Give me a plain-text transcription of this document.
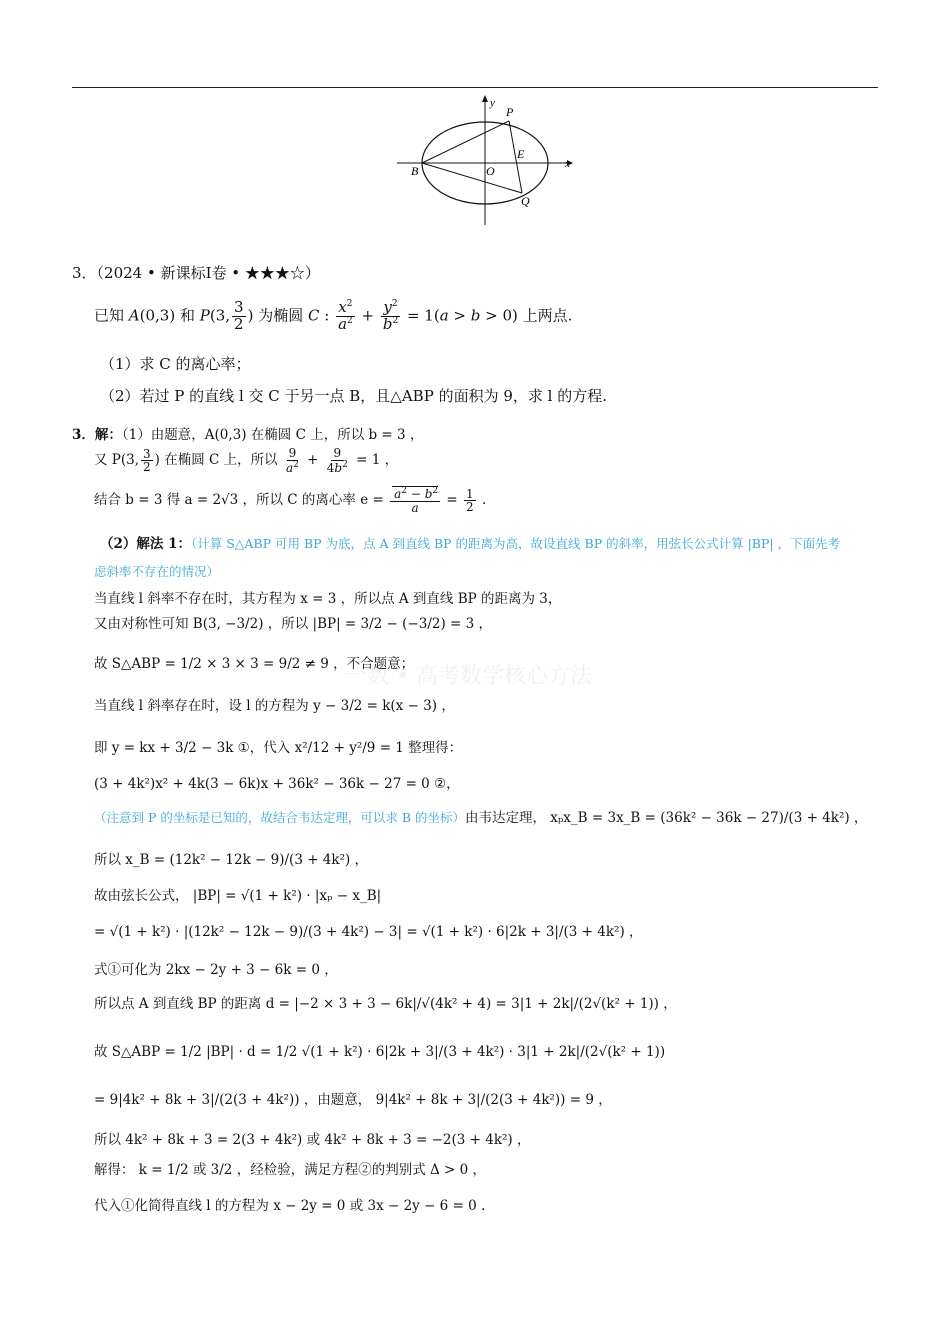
y
x
P
E
B	O
Q
3．（2024 • 新课标Ⅰ卷 • ★★★☆）
已知 A(0,3) 和 P(3, $\frac{3}{2}$ ) 为椭圆 C : $\frac{x^2}{a^2} + \frac{y^2}{b^2} = 1(a > b > 0)$ 上两点.
（1）求 C 的离心率；
（2）若过 P 的直线 l 交 C 于另一点 B，且△ABP 的面积为 9，求 l 的方程.
3．解：（1）由题意，A(0,3) 在椭圆 C 上，所以 b = 3 ，
又 P(3, $\frac{3}{2}$ ) 在椭圆 C 上，所以 $\frac{9}{a^2} + \frac{9}{4b^2} = 1$ ，
结合 b = 3 得 a = 2√3 ，所以 C 的离心率 $e = \frac{a^2 - b^2}{a} = \frac{1}{2}$ .
（2）解法 1：（计算 S△ABP 可用 BP 为底，点 A 到直线 BP 的距离为高，故设直线 BP 的斜率，用弦长公式计算 |BP| ，下面先考
虑斜率不存在的情况）
当直线 l 斜率不存在时，其方程为 x = 3 ，所以点 A 到直线 BP 的距离为 3，
又由对称性可知 B(3, −3/2) ，所以 |BP| = 3/2 − (−3/2) = 3 ，
故 S△ABP = 1/2 × 3 × 3 = 9/2 ≠ 9 ，不合题意；
一数 • 高考数学核心方法
当直线 l 斜率存在时，设 l 的方程为 y − 3/2 = k(x − 3) ，
即 y = kx + 3/2 − 3k ①，代入 x²/12 + y²/9 = 1 整理得：
(3 + 4k²)x² + 4k(3 − 6k)x + 36k² − 36k − 27 = 0 ②，
（注意到 P 的坐标是已知的，故结合韦达定理，可以求 B 的坐标）由韦达定理， xₚx_B = 3x_B = (36k² − 36k − 27)/(3 + 4k²) ，
所以 x_B = (12k² − 12k − 9)/(3 + 4k²) ，
故由弦长公式， |BP| = √(1 + k²) · |xₚ − x_B|
= √(1 + k²) · |(12k² − 12k − 9)/(3 + 4k²) − 3| = √(1 + k²) · 6|2k + 3|/(3 + 4k²) ，
式①可化为 2kx − 2y + 3 − 6k = 0 ，
所以点 A 到直线 BP 的距离 d = |−2 × 3 + 3 − 6k|/√(4k² + 4) = 3|1 + 2k|/(2√(k² + 1)) ，
故 S△ABP = 1/2 |BP| · d = 1/2 √(1 + k²) · 6|2k + 3|/(3 + 4k²) · 3|1 + 2k|/(2√(k² + 1))
= 9|4k² + 8k + 3|/(2(3 + 4k²)) ，由题意， 9|4k² + 8k + 3|/(2(3 + 4k²)) = 9 ，
所以 4k² + 8k + 3 = 2(3 + 4k²) 或 4k² + 8k + 3 = −2(3 + 4k²) ，
解得： k = 1/2 或 3/2 ，经检验，满足方程②的判别式 Δ > 0 ，
代入①化简得直线 l 的方程为 x − 2y = 0 或 3x − 2y − 6 = 0 .
